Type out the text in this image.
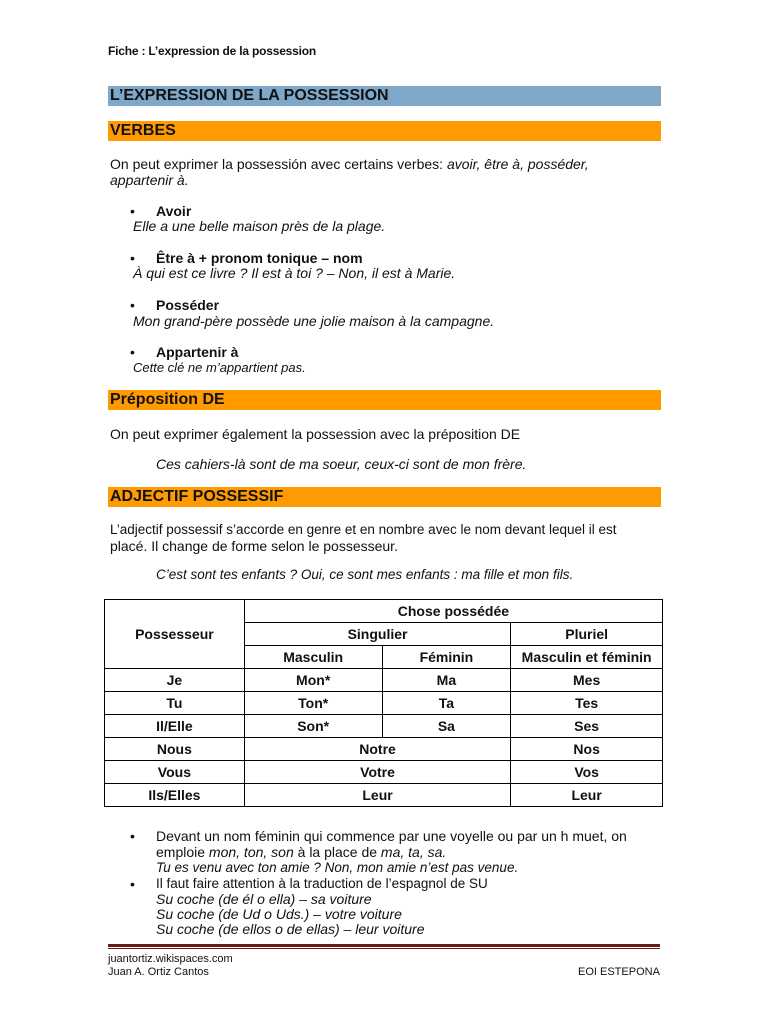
Fiche : L’expression de la possession
L’EXPRESSION DE LA POSSESSION
VERBES
On peut exprimer la possessión avec certains verbes: avoir, être à, posséder,
appartenir à.
• Avoir
Elle a une belle maison près de la plage.
• Être à + pronom tonique – nom
À qui est ce livre ? Il est à toi ? – Non, il est à Marie.
• Posséder
Mon grand-père possède une jolie maison à la campagne.
• Appartenir à
Cette clé ne m’appartient pas.
Préposition DE
On peut exprimer également la possession avec la préposition DE
Ces cahiers-là sont de ma soeur, ceux-ci sont de mon frère.
ADJECTIF POSSESSIF
L’adjectif possessif s’accorde en genre et en nombre avec le nom devant lequel il est
placé. Il change de forme selon le possesseur.
C’est sont tes enfants ? Oui, ce sont mes enfants : ma fille et mon fils.
Possesseur	Chose possédée		
	Singulier		Pluriel
	Masculin	Féminin	Masculin et féminin
Je	Mon*	Ma	Mes
Tu	Ton*	Ta	Tes
Il/Elle	Son*	Sa	Ses
Nous	Notre		Nos
Vous	Votre		Vos
Ils/Elles	Leur		Leur
• Devant un nom féminin qui commence par une voyelle ou par un h muet, on
emploie mon, ton, son à la place de ma, ta, sa.
Tu es venu avec ton amie ? Non, mon amie n’est pas venue.
• Il faut faire attention à la traduction de l’espagnol de SU
Su coche (de él o ella) – sa voiture
Su coche (de Ud o Uds.) – votre voiture
Su coche (de ellos o de ellas) – leur voiture
juantortiz.wikispaces.com
Juan A. Ortiz Cantos	EOI ESTEPONA
